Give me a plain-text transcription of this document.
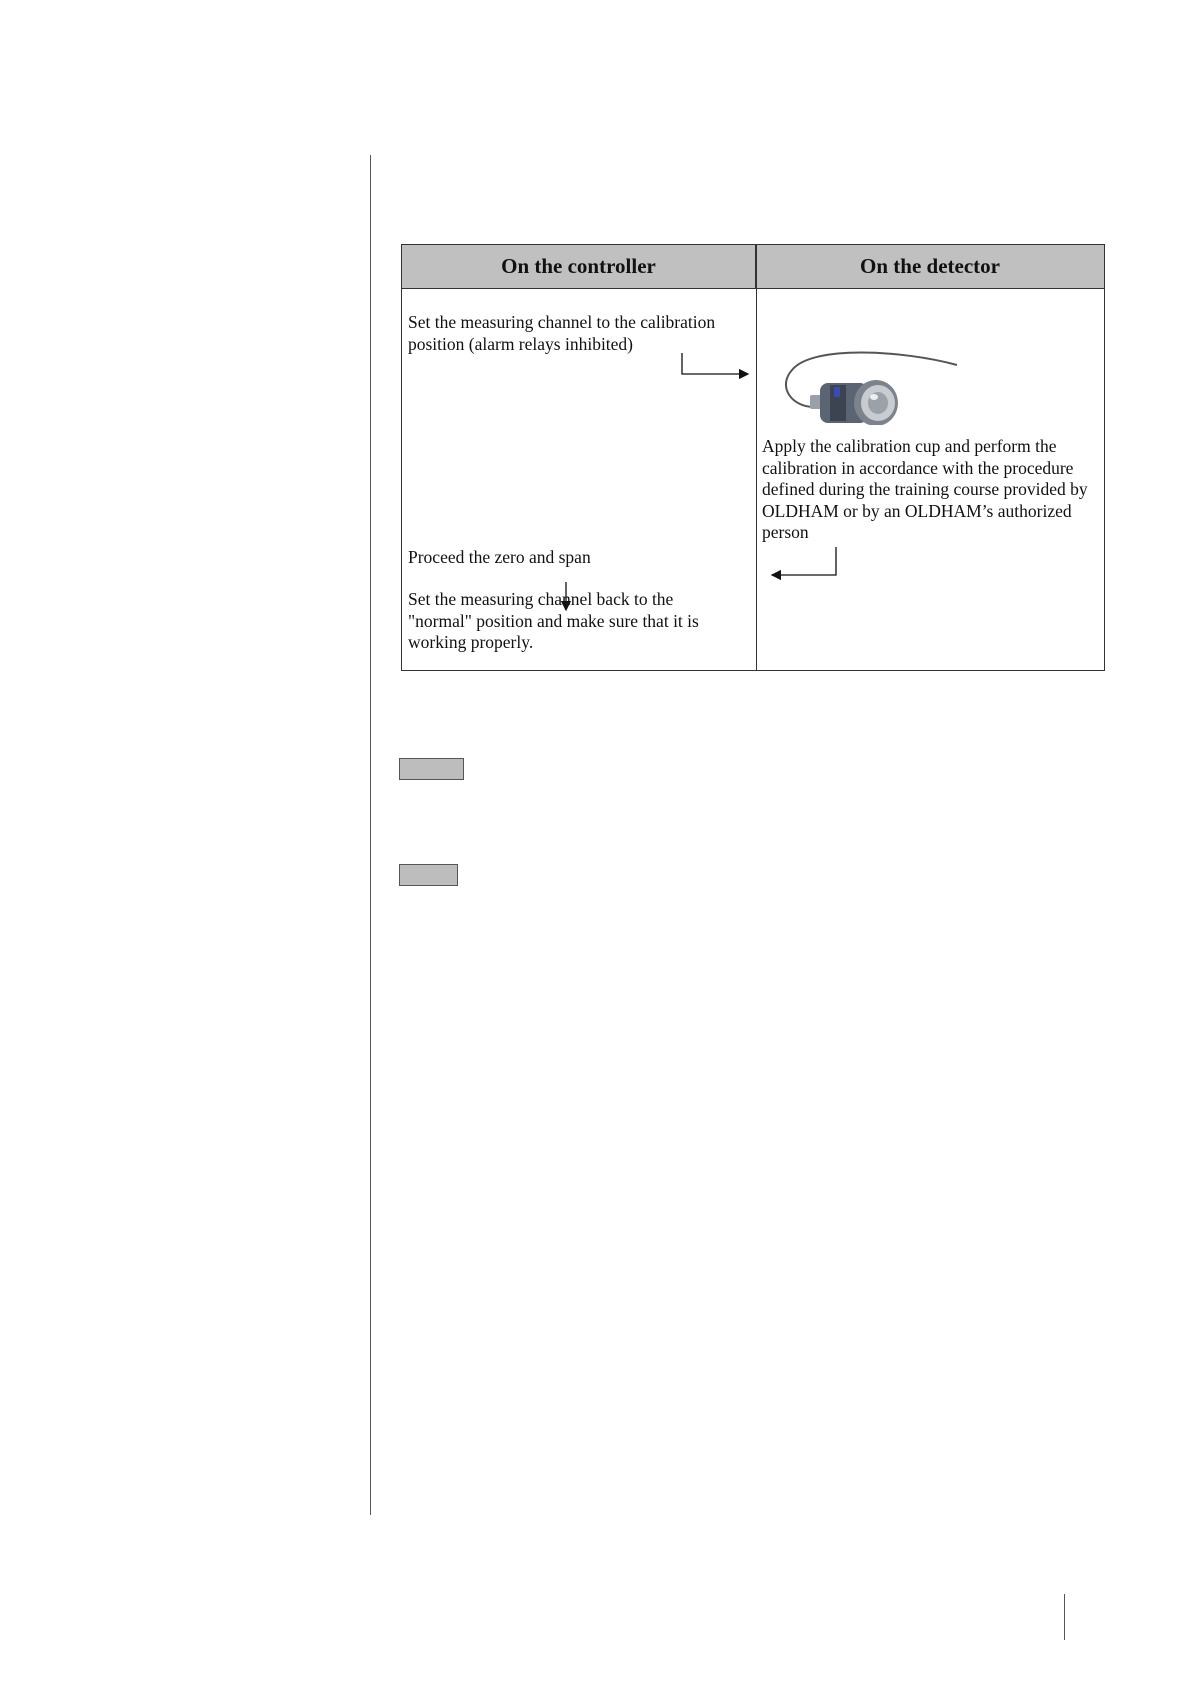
On the controller	On the detector
Set the measuring channel to the calibration position (alarm relays inhibited)
Apply the calibration cup and perform the calibration in accordance with the procedure defined during the training course provided by OLDHAM or by an OLDHAM’s authorized person
Proceed the zero and span
Set the measuring channel back to the "normal" position and make sure that it is working properly.
